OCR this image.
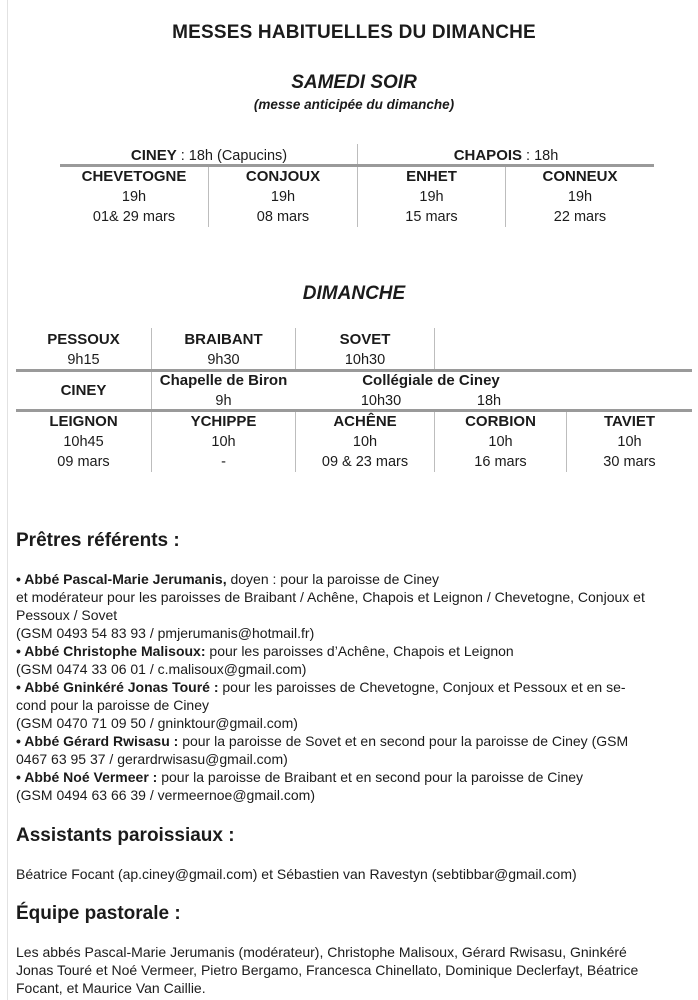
MESSES HABITUELLES DU DIMANCHE
SAMEDI SOIR
(messe anticipée du dimanche)
CINEY : 18h (Capucins)	CHAPOIS : 18h
CHEVETOGNE
19h
01& 29 mars
CONJOUX
19h
08 mars
ENHET
19h
15 mars
CONNEUX
19h
22 mars
DIMANCHE
PESSOUX
9h15
BRAIBANT
9h30
SOVET
10h30
CINEY
Chapelle de Biron
9h
Collégiale de Ciney
10h30	18h
LEIGNON
10h45
09 mars
YCHIPPE
10h
-
ACHÊNE
10h
09 & 23 mars
CORBION
10h
16 mars
TAVIET
10h
30 mars
Prêtres référents :
• Abbé Pascal-Marie Jerumanis, doyen : pour la paroisse de Ciney
et modérateur pour les paroisses de Braibant / Achêne, Chapois et Leignon / Chevetogne, Conjoux et
Pessoux / Sovet
(GSM 0493 54 83 93 / pmjerumanis@hotmail.fr)
• Abbé Christophe Malisoux: pour les paroisses d’Achêne, Chapois et Leignon
(GSM 0474 33 06 01 / c.malisoux@gmail.com)
• Abbé Gninkéré Jonas Touré : pour les paroisses de Chevetogne, Conjoux et Pessoux et en se-
cond pour la paroisse de Ciney
(GSM 0470 71 09 50 / gninktour@gmail.com)
• Abbé Gérard Rwisasu : pour la paroisse de Sovet et en second pour la paroisse de Ciney (GSM
0467 63 95 37 / gerardrwisasu@gmail.com)
• Abbé Noé Vermeer : pour la paroisse de Braibant et en second pour la paroisse de Ciney
(GSM 0494 63 66 39 / vermeernoe@gmail.com)
Assistants paroissiaux :
Béatrice Focant (ap.ciney@gmail.com) et Sébastien van Ravestyn (sebtibbar@gmail.com)
Équipe pastorale :
Les abbés Pascal-Marie Jerumanis (modérateur), Christophe Malisoux, Gérard Rwisasu, Gninkéré
Jonas Touré et Noé Vermeer, Pietro Bergamo, Francesca Chinellato, Dominique Declerfayt, Béatrice
Focant, et Maurice Van Caillie.
